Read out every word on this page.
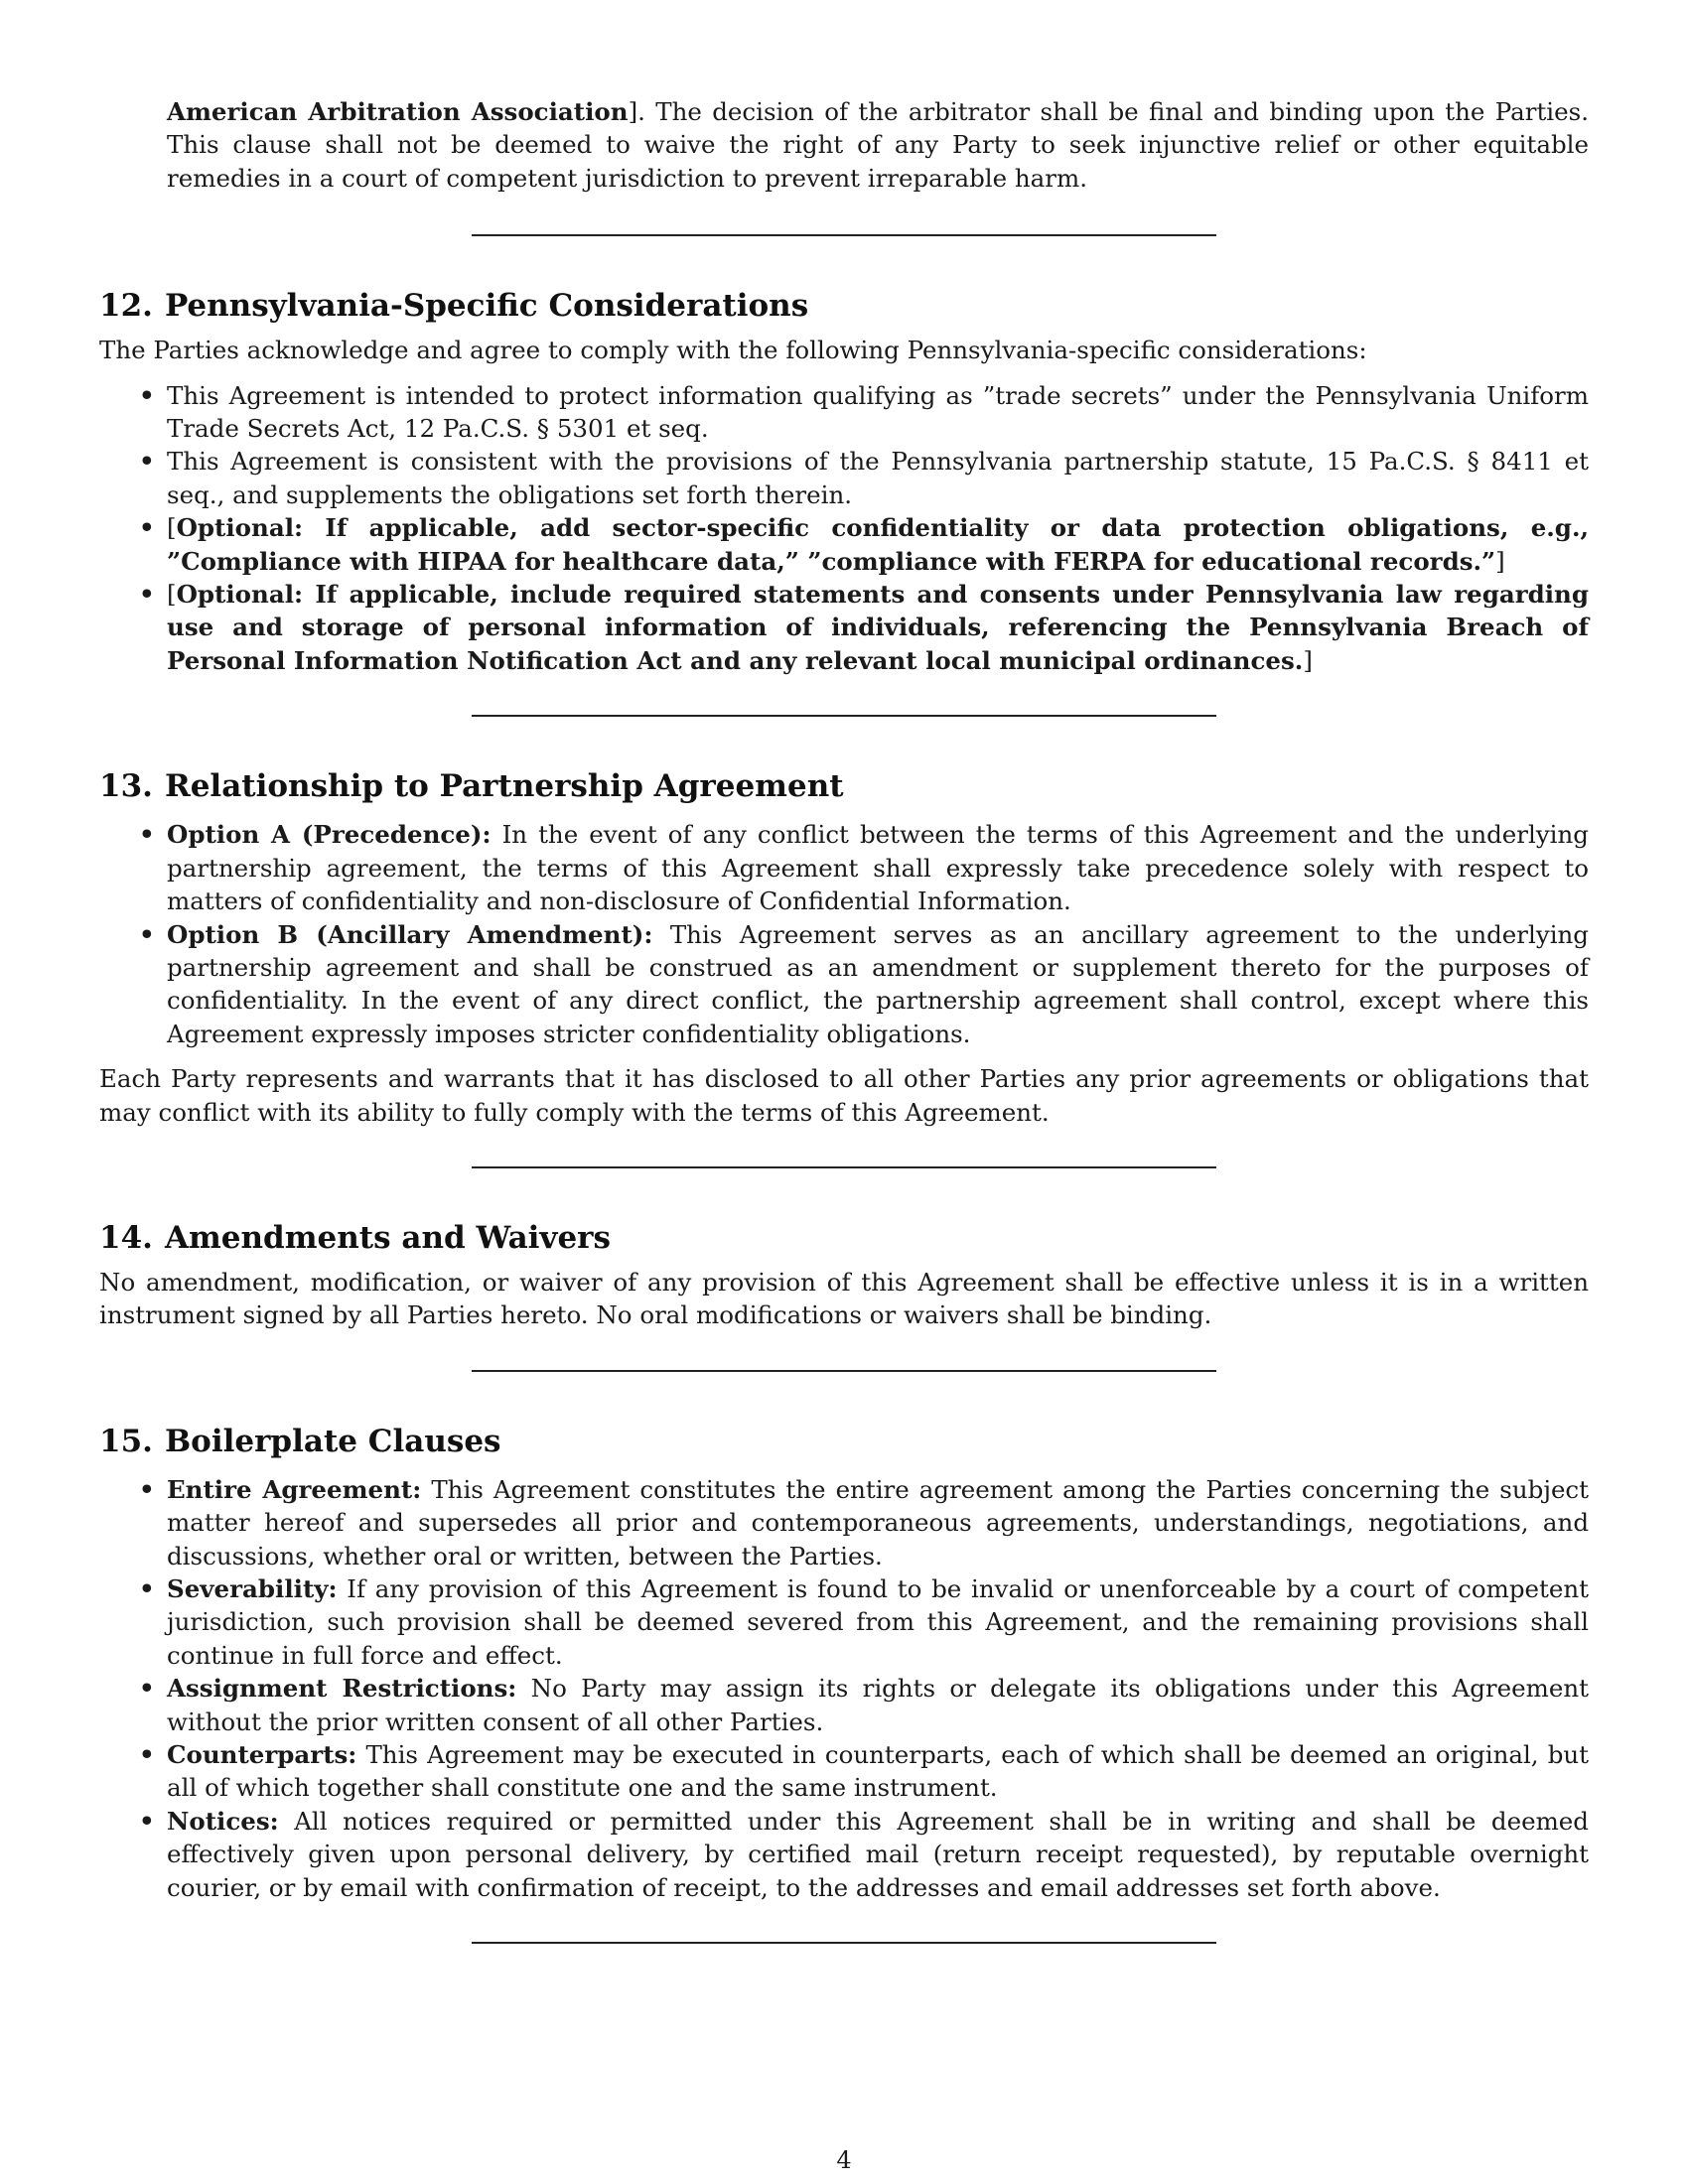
American Arbitration Association]. The decision of the arbitrator shall be final and binding upon the Parties. This clause shall not be deemed to waive the right of any Party to seek injunctive relief or other equitable remedies in a court of competent jurisdiction to prevent irreparable harm.

12. Pennsylvania-Specific Considerations

The Parties acknowledge and agree to comply with the following Pennsylvania-specific considerations:

• This Agreement is intended to protect information qualifying as ”trade secrets” under the Pennsylvania Uniform Trade Secrets Act, 12 Pa.C.S. § 5301 et seq.
• This Agreement is consistent with the provisions of the Pennsylvania partnership statute, 15 Pa.C.S. § 8411 et seq., and supplements the obligations set forth therein.
• [Optional: If applicable, add sector-specific confidentiality or data protection obligations, e.g., ”Compliance with HIPAA for healthcare data,” ”compliance with FERPA for educational records.”]
• [Optional: If applicable, include required statements and consents under Pennsylvania law regarding use and storage of personal information of individuals, referencing the Pennsylvania Breach of Personal Information Notification Act and any relevant local municipal ordinances.]
13. Relationship to Partnership Agreement
• Option A (Precedence): In the event of any conflict between the terms of this Agreement and the underlying partnership agreement, the terms of this Agreement shall expressly take precedence solely with respect to matters of confidentiality and non-disclosure of Confidential Information.
• Option B (Ancillary Amendment): This Agreement serves as an ancillary agreement to the underlying partnership agreement and shall be construed as an amendment or supplement thereto for the purposes of confidentiality. In the event of any direct conflict, the partnership agreement shall control, except where this Agreement expressly imposes stricter confidentiality obligations.

Each Party represents and warrants that it has disclosed to all other Parties any prior agreements or obligations that may conflict with its ability to fully comply with the terms of this Agreement.

14. Amendments and Waivers

No amendment, modification, or waiver of any provision of this Agreement shall be effective unless it is in a written instrument signed by all Parties hereto. No oral modifications or waivers shall be binding.

15. Boilerplate Clauses
• Entire Agreement: This Agreement constitutes the entire agreement among the Parties concerning the subject matter hereof and supersedes all prior and contemporaneous agreements, understandings, negotiations, and discussions, whether oral or written, between the Parties.
• Severability: If any provision of this Agreement is found to be invalid or unenforceable by a court of competent jurisdiction, such provision shall be deemed severed from this Agreement, and the remaining provisions shall continue in full force and effect.
• Assignment Restrictions: No Party may assign its rights or delegate its obligations under this Agreement without the prior written consent of all other Parties.
• Counterparts: This Agreement may be executed in counterparts, each of which shall be deemed an original, but all of which together shall constitute one and the same instrument.
• Notices: All notices required or permitted under this Agreement shall be in writing and shall be deemed effectively given upon personal delivery, by certified mail (return receipt requested), by reputable overnight courier, or by email with confirmation of receipt, to the addresses and email addresses set forth above.
4
